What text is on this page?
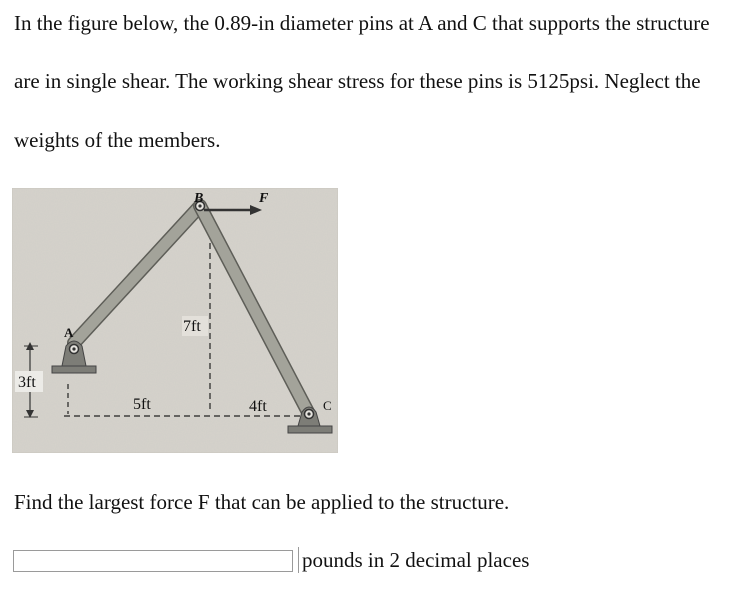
In the figure below, the 0.89-in diameter pins at A and C that supports the structure

are in single shear. The working shear stress for these pins is 5125psi. Neglect the

weights of the members.

B	F
A
C
7ft
3ft
5ft	4ft

Find the largest force F that can be applied to the structure.

pounds in 2 decimal places
